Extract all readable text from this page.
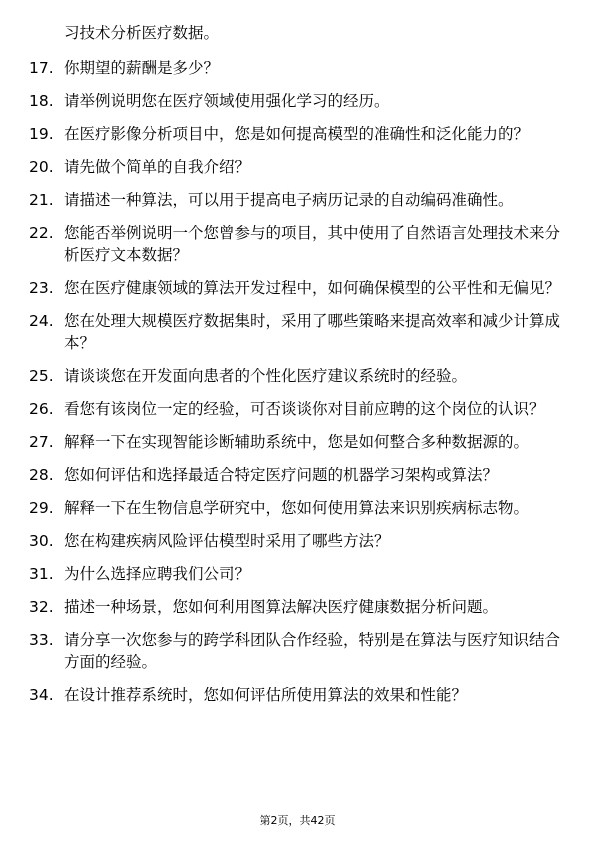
习技术分析医疗数据。

17. 你期望的薪酬是多少？
18. 请举例说明您在医疗领域使用强化学习的经历。
19. 在医疗影像分析项目中，您是如何提高模型的准确性和泛化能力的？
20. 请先做个简单的自我介绍？
21. 请描述一种算法，可以用于提高电子病历记录的自动编码准确性。
22. 您能否举例说明一个您曾参与的项目，其中使用了自然语言处理技术来分析医疗文本数据？
23. 您在医疗健康领域的算法开发过程中，如何确保模型的公平性和无偏见？
24. 您在处理大规模医疗数据集时，采用了哪些策略来提高效率和减少计算成本？
25. 请谈谈您在开发面向患者的个性化医疗建议系统时的经验。
26. 看您有该岗位一定的经验，可否谈谈你对目前应聘的这个岗位的认识？
27. 解释一下在实现智能诊断辅助系统中，您是如何整合多种数据源的。
28. 您如何评估和选择最适合特定医疗问题的机器学习架构或算法？
29. 解释一下在生物信息学研究中，您如何使用算法来识别疾病标志物。
30. 您在构建疾病风险评估模型时采用了哪些方法？
31. 为什么选择应聘我们公司？
32. 描述一种场景，您如何利用图算法解决医疗健康数据分析问题。
33. 请分享一次您参与的跨学科团队合作经验，特别是在算法与医疗知识结合方面的经验。
34. 在设计推荐系统时，您如何评估所使用算法的效果和性能？
第2页，共42页
